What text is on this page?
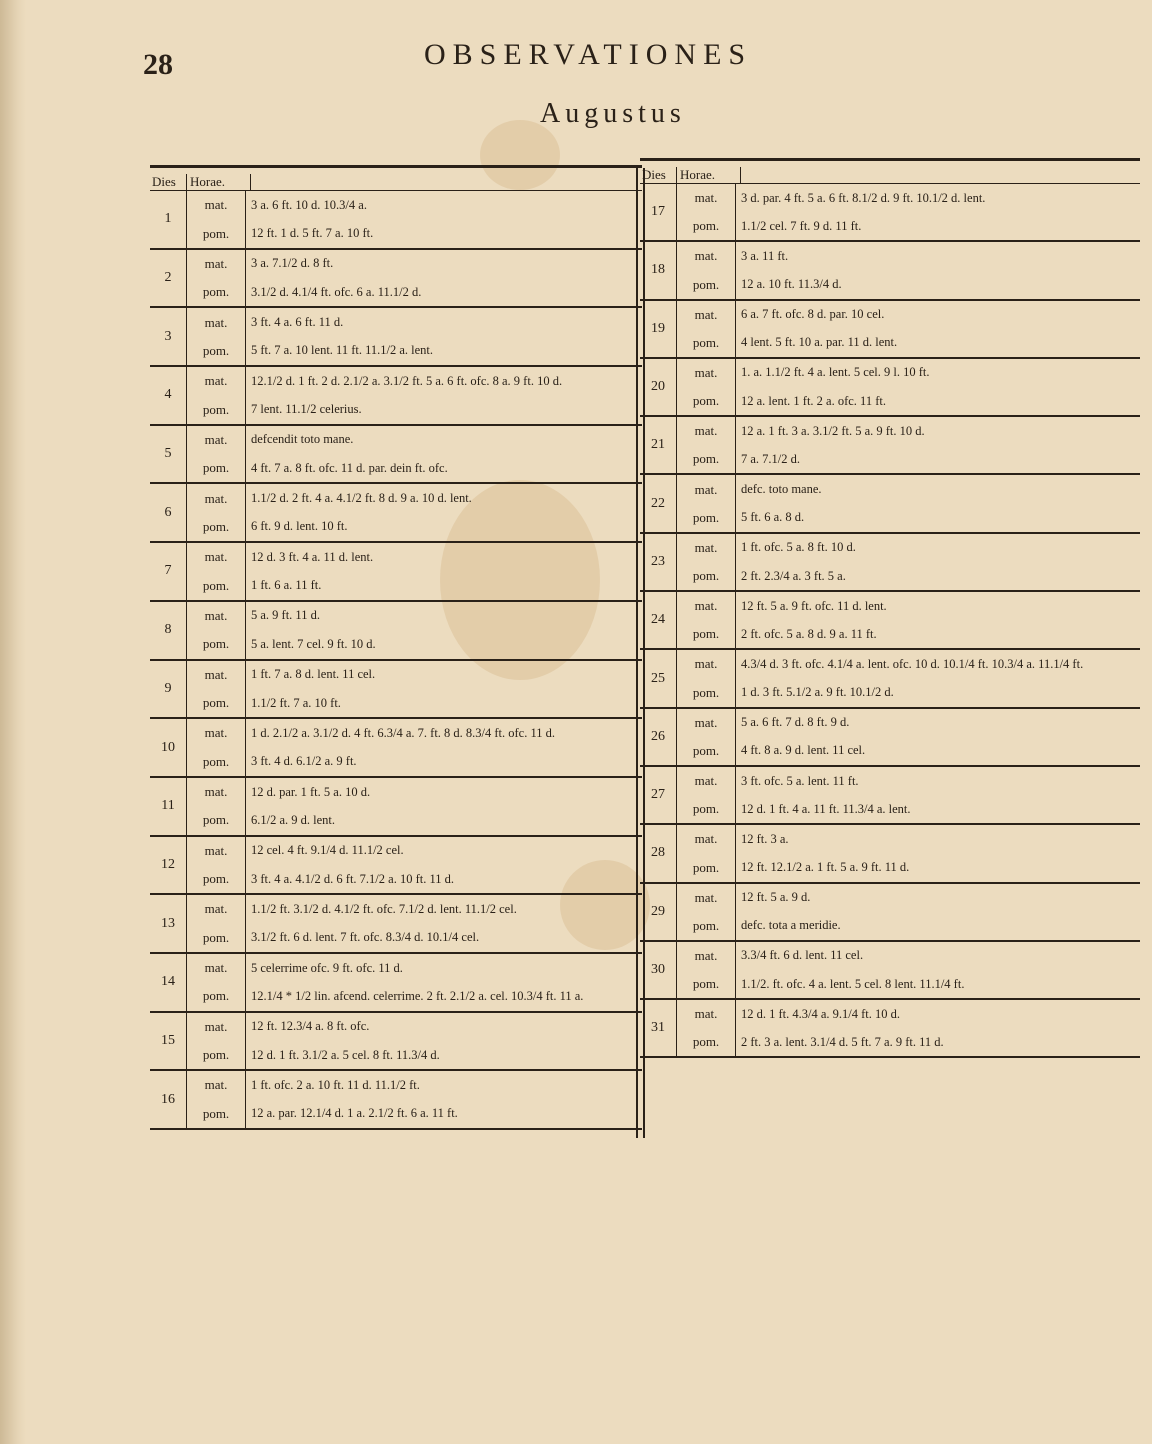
28	OBSERVATIONES
Augustus
Dies	Horae.
1
mat.	3 a. 6 ft. 10 d. 10.3/4 a.
pom.	12 ft. 1 d. 5 ft. 7 a. 10 ft.
2
mat.	3 a. 7.1/2 d. 8 ft.
pom.	3.1/2 d. 4.1/4 ft. ofc. 6 a. 11.1/2 d.
3
mat.	3 ft. 4 a. 6 ft. 11 d.
pom.	5 ft. 7 a. 10 lent. 11 ft. 11.1/2 a. lent.
4
mat.	12.1/2 d. 1 ft. 2 d. 2.1/2 a. 3.1/2 ft. 5 a. 6 ft. ofc. 8 a. 9 ft. 10 d.
pom.	7 lent. 11.1/2 celerius.
5
mat.	defcendit toto mane.
pom.	4 ft. 7 a. 8 ft. ofc. 11 d. par. dein ft. ofc.
6
mat.	1.1/2 d. 2 ft. 4 a. 4.1/2 ft. 8 d. 9 a. 10 d. lent.
pom.	6 ft. 9 d. lent. 10 ft.
7
mat.	12 d. 3 ft. 4 a. 11 d. lent.
pom.	1 ft. 6 a. 11 ft.
8
mat.	5 a. 9 ft. 11 d.
pom.	5 a. lent. 7 cel. 9 ft. 10 d.
9
mat.	1 ft. 7 a. 8 d. lent. 11 cel.
pom.	1.1/2 ft. 7 a. 10 ft.
10
mat.	1 d. 2.1/2 a. 3.1/2 d. 4 ft. 6.3/4 a. 7. ft. 8 d. 8.3/4 ft. ofc. 11 d.
pom.	3 ft. 4 d. 6.1/2 a. 9 ft.
11
mat.	12 d. par. 1 ft. 5 a. 10 d.
pom.	6.1/2 a. 9 d. lent.
12
mat.	12 cel. 4 ft. 9.1/4 d. 11.1/2 cel.
pom.	3 ft. 4 a. 4.1/2 d. 6 ft. 7.1/2 a. 10 ft. 11 d.
13
mat.	1.1/2 ft. 3.1/2 d. 4.1/2 ft. ofc. 7.1/2 d. lent. 11.1/2 cel.
pom.	3.1/2 ft. 6 d. lent. 7 ft. ofc. 8.3/4 d. 10.1/4 cel.
14
mat.	5 celerrime ofc. 9 ft. ofc. 11 d.
pom.	12.1/4 * 1/2 lin. afcend. celerrime. 2 ft. 2.1/2 a. cel. 10.3/4 ft. 11 a.
15
mat.	12 ft. 12.3/4 a. 8 ft. ofc.
pom.	12 d. 1 ft. 3.1/2 a. 5 cel. 8 ft. 11.3/4 d.
16
mat.	1 ft. ofc. 2 a. 10 ft. 11 d. 11.1/2 ft.
pom.	12 a. par. 12.1/4 d. 1 a. 2.1/2 ft. 6 a. 11 ft.
Dies	Horae.
17
mat.	3 d. par. 4 ft. 5 a. 6 ft. 8.1/2 d. 9 ft. 10.1/2 d. lent.
pom.	1.1/2 cel. 7 ft. 9 d. 11 ft.
18
mat.	3 a. 11 ft.
pom.	12 a. 10 ft. 11.3/4 d.
19
mat.	6 a. 7 ft. ofc. 8 d. par. 10 cel.
pom.	4 lent. 5 ft. 10 a. par. 11 d. lent.
20
mat.	1. a. 1.1/2 ft. 4 a. lent. 5 cel. 9 l. 10 ft.
pom.	12 a. lent. 1 ft. 2 a. ofc. 11 ft.
21
mat.	12 a. 1 ft. 3 a. 3.1/2 ft. 5 a. 9 ft. 10 d.
pom.	7 a. 7.1/2 d.
22
mat.	defc. toto mane.
pom.	5 ft. 6 a. 8 d.
23
mat.	1 ft. ofc. 5 a. 8 ft. 10 d.
pom.	2 ft. 2.3/4 a. 3 ft. 5 a.
24
mat.	12 ft. 5 a. 9 ft. ofc. 11 d. lent.
pom.	2 ft. ofc. 5 a. 8 d. 9 a. 11 ft.
25
mat.	4.3/4 d. 3 ft. ofc. 4.1/4 a. lent. ofc. 10 d. 10.1/4 ft. 10.3/4 a. 11.1/4 ft.
pom.	1 d. 3 ft. 5.1/2 a. 9 ft. 10.1/2 d.
26
mat.	5 a. 6 ft. 7 d. 8 ft. 9 d.
pom.	4 ft. 8 a. 9 d. lent. 11 cel.
27
mat.	3 ft. ofc. 5 a. lent. 11 ft.
pom.	12 d. 1 ft. 4 a. 11 ft. 11.3/4 a. lent.
28
mat.	12 ft. 3 a.
pom.	12 ft. 12.1/2 a. 1 ft. 5 a. 9 ft. 11 d.
29
mat.	12 ft. 5 a. 9 d.
pom.	defc. tota a meridie.
30
mat.	3.3/4 ft. 6 d. lent. 11 cel.
pom.	1.1/2. ft. ofc. 4 a. lent. 5 cel. 8 lent. 11.1/4 ft.
31
mat.	12 d. 1 ft. 4.3/4 a. 9.1/4 ft. 10 d.
pom.	2 ft. 3 a. lent. 3.1/4 d. 5 ft. 7 a. 9 ft. 11 d.
